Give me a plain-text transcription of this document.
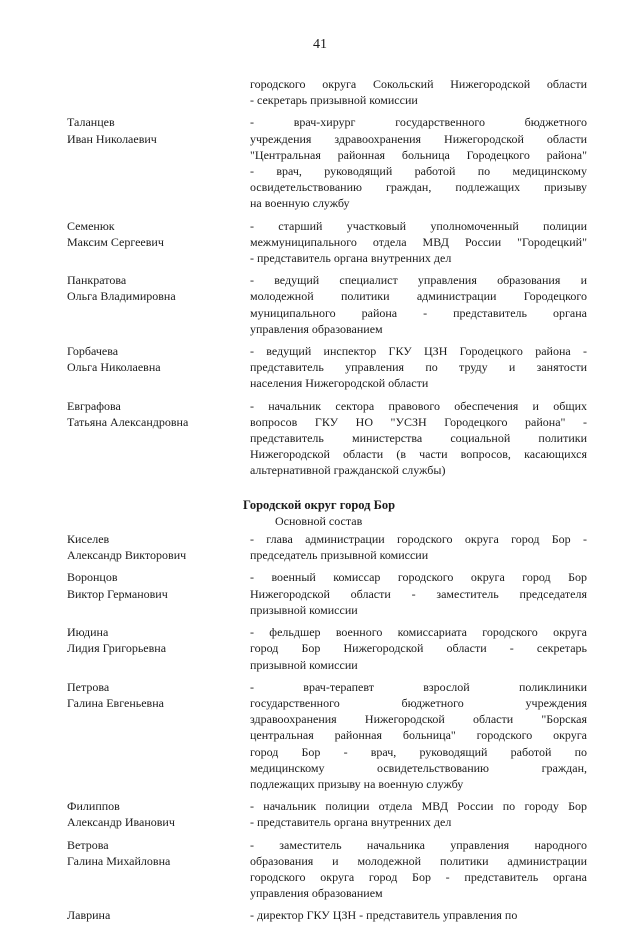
41
городского округа Сокольский Нижегородской области
- секретарь призывной комиссии
Таланцев
Иван Николаевич
- врач-хирург государственного бюджетного
учреждения здравоохранения Нижегородской области
"Центральная районная больница Городецкого района"
- врач, руководящий работой по медицинскому
освидетельствованию граждан, подлежащих призыву
на военную службу
Семенюк
Максим Сергеевич
- старший участковый уполномоченный полиции
межмуниципального отдела МВД России "Городецкий"
- представитель органа внутренних дел
Панкратова
Ольга Владимировна
- ведущий специалист управления образования и
молодежной политики администрации Городецкого
муниципального района - представитель органа
управления образованием
Горбачева
Ольга Николаевна
- ведущий инспектор ГКУ ЦЗН Городецкого района -
представитель управления по труду и занятости
населения Нижегородской области
Евграфова
Татьяна Александровна
- начальник сектора правового обеспечения и общих
вопросов ГКУ НО "УСЗН Городецкого района" -
представитель министерства социальной политики
Нижегородской области (в части вопросов, касающихся
альтернативной гражданской службы)
Городской округ город Бор
Основной состав
Киселев
Александр Викторович
- глава администрации городского округа город Бор -
председатель призывной комиссии
Воронцов
Виктор Германович
- военный комиссар городского округа город Бор
Нижегородской области - заместитель председателя
призывной комиссии
Июдина
Лидия Григорьевна
- фельдшер военного комиссариата городского округа
город Бор Нижегородской области - секретарь
призывной комиссии
Петрова
Галина Евгеньевна
- врач-терапевт взрослой поликлиники
государственного бюджетного учреждения
здравоохранения Нижегородской области "Борская
центральная районная больница" городского округа
город Бор - врач, руководящий работой по
медицинскому освидетельствованию граждан,
подлежащих призыву на военную службу
Филиппов
Александр Иванович
- начальник полиции отдела МВД России по городу Бор
- представитель органа внутренних дел
Ветрова
Галина Михайловна
- заместитель начальника управления народного
образования и молодежной политики администрации
городского округа город Бор - представитель органа
управления образованием
Лаврина	- директор ГКУ ЦЗН - представитель управления по
